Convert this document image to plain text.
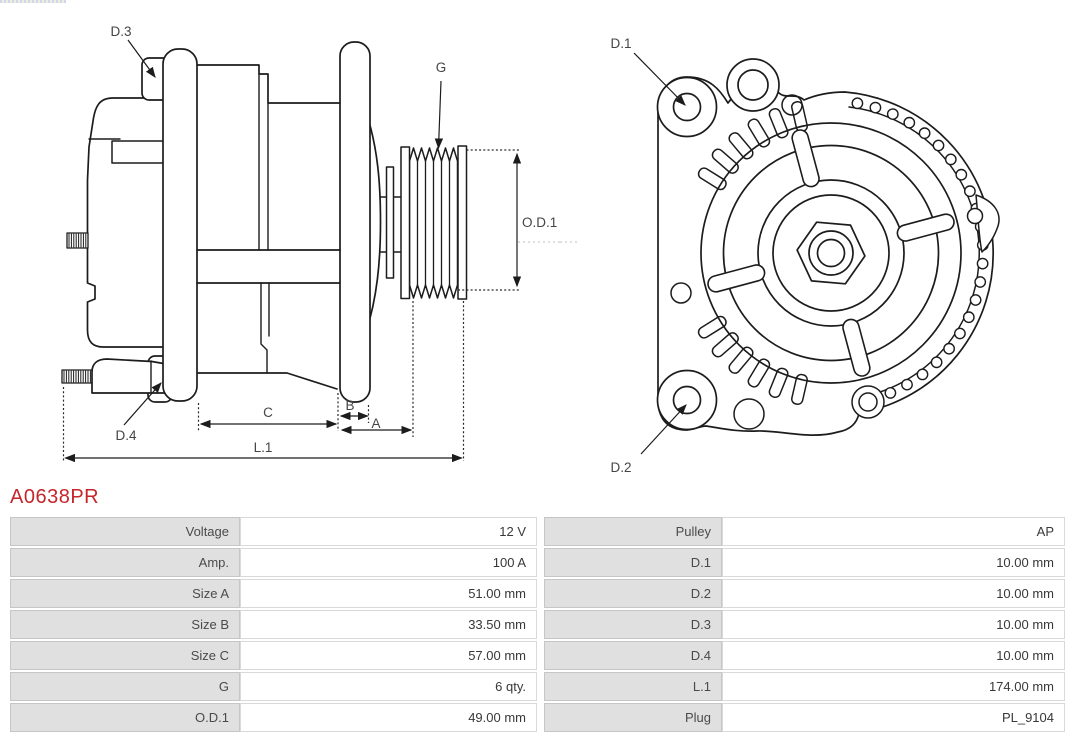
D.3
G
O.D.1
C	B
A
L.1
D.4
D.1
D.2
A0638PR
Voltage	12 V	Pulley	AP
Amp.	100 A	D.1	10.00 mm
Size A	51.00 mm	D.2	10.00 mm
Size B	33.50 mm	D.3	10.00 mm
Size C	57.00 mm	D.4	10.00 mm
G	6 qty.	L.1	174.00 mm
O.D.1	49.00 mm	Plug	PL_9104
